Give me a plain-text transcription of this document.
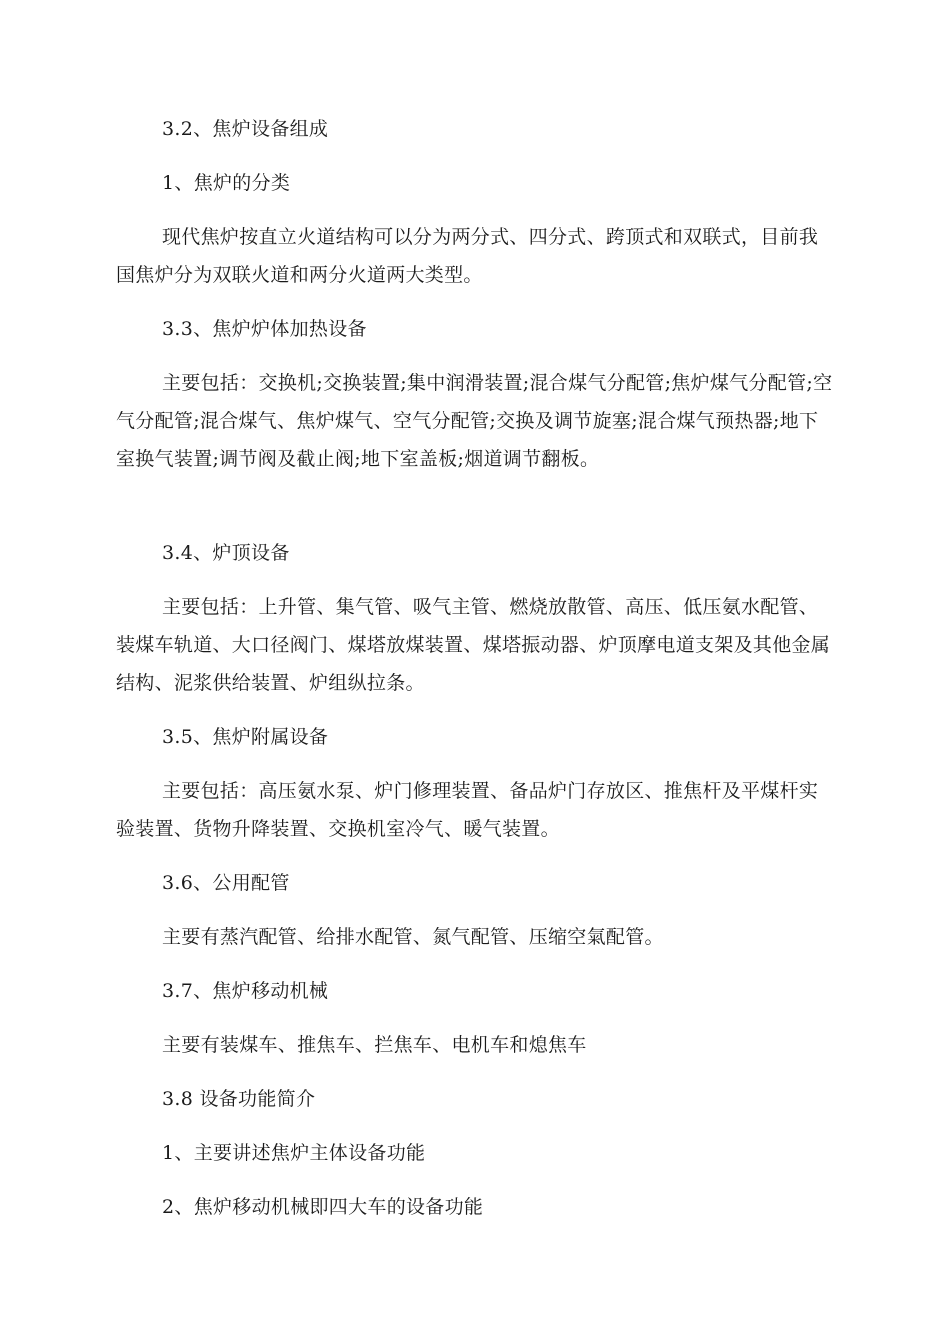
3.2、焦炉设备组成

1、焦炉的分类

现代焦炉按直立火道结构可以分为两分式、四分式、跨顶式和双联式，目前我国焦炉分为双联火道和两分火道两大类型。

3.3、焦炉炉体加热设备

主要包括：交换机;交换装置;集中润滑装置;混合煤气分配管;焦炉煤气分配管;空气分配管;混合煤气、焦炉煤气、空气分配管;交换及调节旋塞;混合煤气预热器;地下室换气装置;调节阀及截止阀;地下室盖板;烟道调节翻板。

3.4、炉顶设备

主要包括：上升管、集气管、吸气主管、燃烧放散管、高压、低压氨水配管、装煤车轨道、大口径阀门、煤塔放煤装置、煤塔振动器、炉顶摩电道支架及其他金属结构、泥浆供给装置、炉组纵拉条。

3.5、焦炉附属设备

主要包括：高压氨水泵、炉门修理装置、备品炉门存放区、推焦杆及平煤杆实验装置、货物升降装置、交换机室冷气、暖气装置。

3.6、公用配管

主要有蒸汽配管、给排水配管、氮气配管、压缩空氣配管。

3.7、焦炉移动机械

主要有装煤车、推焦车、拦焦车、电机车和熄焦车

3.8 设备功能简介

1、主要讲述焦炉主体设备功能

2、焦炉移动机械即四大车的设备功能
